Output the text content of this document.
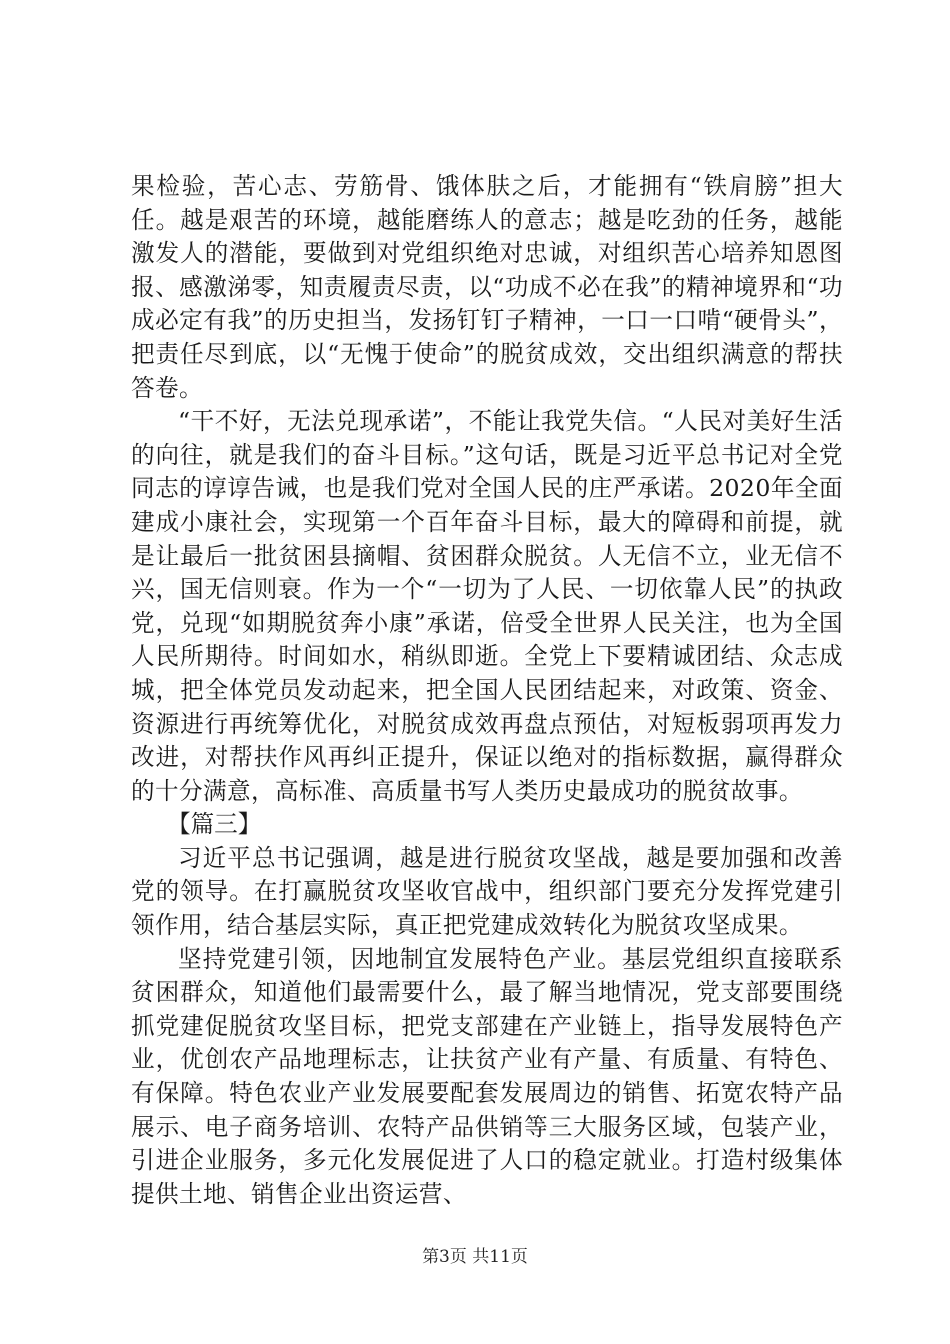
果检验，苦心志、劳筋骨、饿体肤之后，才能拥有“铁肩膀”担大任。越是艰苦的环境，越能磨练人的意志；越是吃劲的任务，越能激发人的潜能，要做到对党组织绝对忠诚，对组织苦心培养知恩图报、感激涕零，知责履责尽责，以“功成不必在我”的精神境界和“功成必定有我”的历史担当，发扬钉钉子精神，一口一口啃“硬骨头”，把责任尽到底，以“无愧于使命”的脱贫成效，交出组织满意的帮扶答卷。

“干不好，无法兑现承诺”，不能让我党失信。“人民对美好生活的向往，就是我们的奋斗目标。”这句话，既是习近平总书记对全党同志的谆谆告诫，也是我们党对全国人民的庄严承诺。2020年全面建成小康社会，实现第一个百年奋斗目标，最大的障碍和前提，就是让最后一批贫困县摘帽、贫困群众脱贫。人无信不立，业无信不兴，国无信则衰。作为一个“一切为了人民、一切依靠人民”的执政党，兑现“如期脱贫奔小康”承诺，倍受全世界人民关注，也为全国人民所期待。时间如水，稍纵即逝。全党上下要精诚团结、众志成城，把全体党员发动起来，把全国人民团结起来，对政策、资金、资源进行再统筹优化，对脱贫成效再盘点预估，对短板弱项再发力改进，对帮扶作风再纠正提升，保证以绝对的指标数据，赢得群众的十分满意，高标准、高质量书写人类历史最成功的脱贫故事。

【篇三】

习近平总书记强调，越是进行脱贫攻坚战，越是要加强和改善党的领导。在打赢脱贫攻坚收官战中，组织部门要充分发挥党建引领作用，结合基层实际，真正把党建成效转化为脱贫攻坚成果。

坚持党建引领，因地制宜发展特色产业。基层党组织直接联系贫困群众，知道他们最需要什么，最了解当地情况，党支部要围绕抓党建促脱贫攻坚目标，把党支部建在产业链上，指导发展特色产业，优创农产品地理标志，让扶贫产业有产量、有质量、有特色、有保障。特色农业产业发展要配套发展周边的销售、拓宽农特产品展示、电子商务培训、农特产品供销等三大服务区域，包装产业，引进企业服务，多元化发展促进了人口的稳定就业。打造村级集体提供土地、销售企业出资运营、

第3页 共11页
